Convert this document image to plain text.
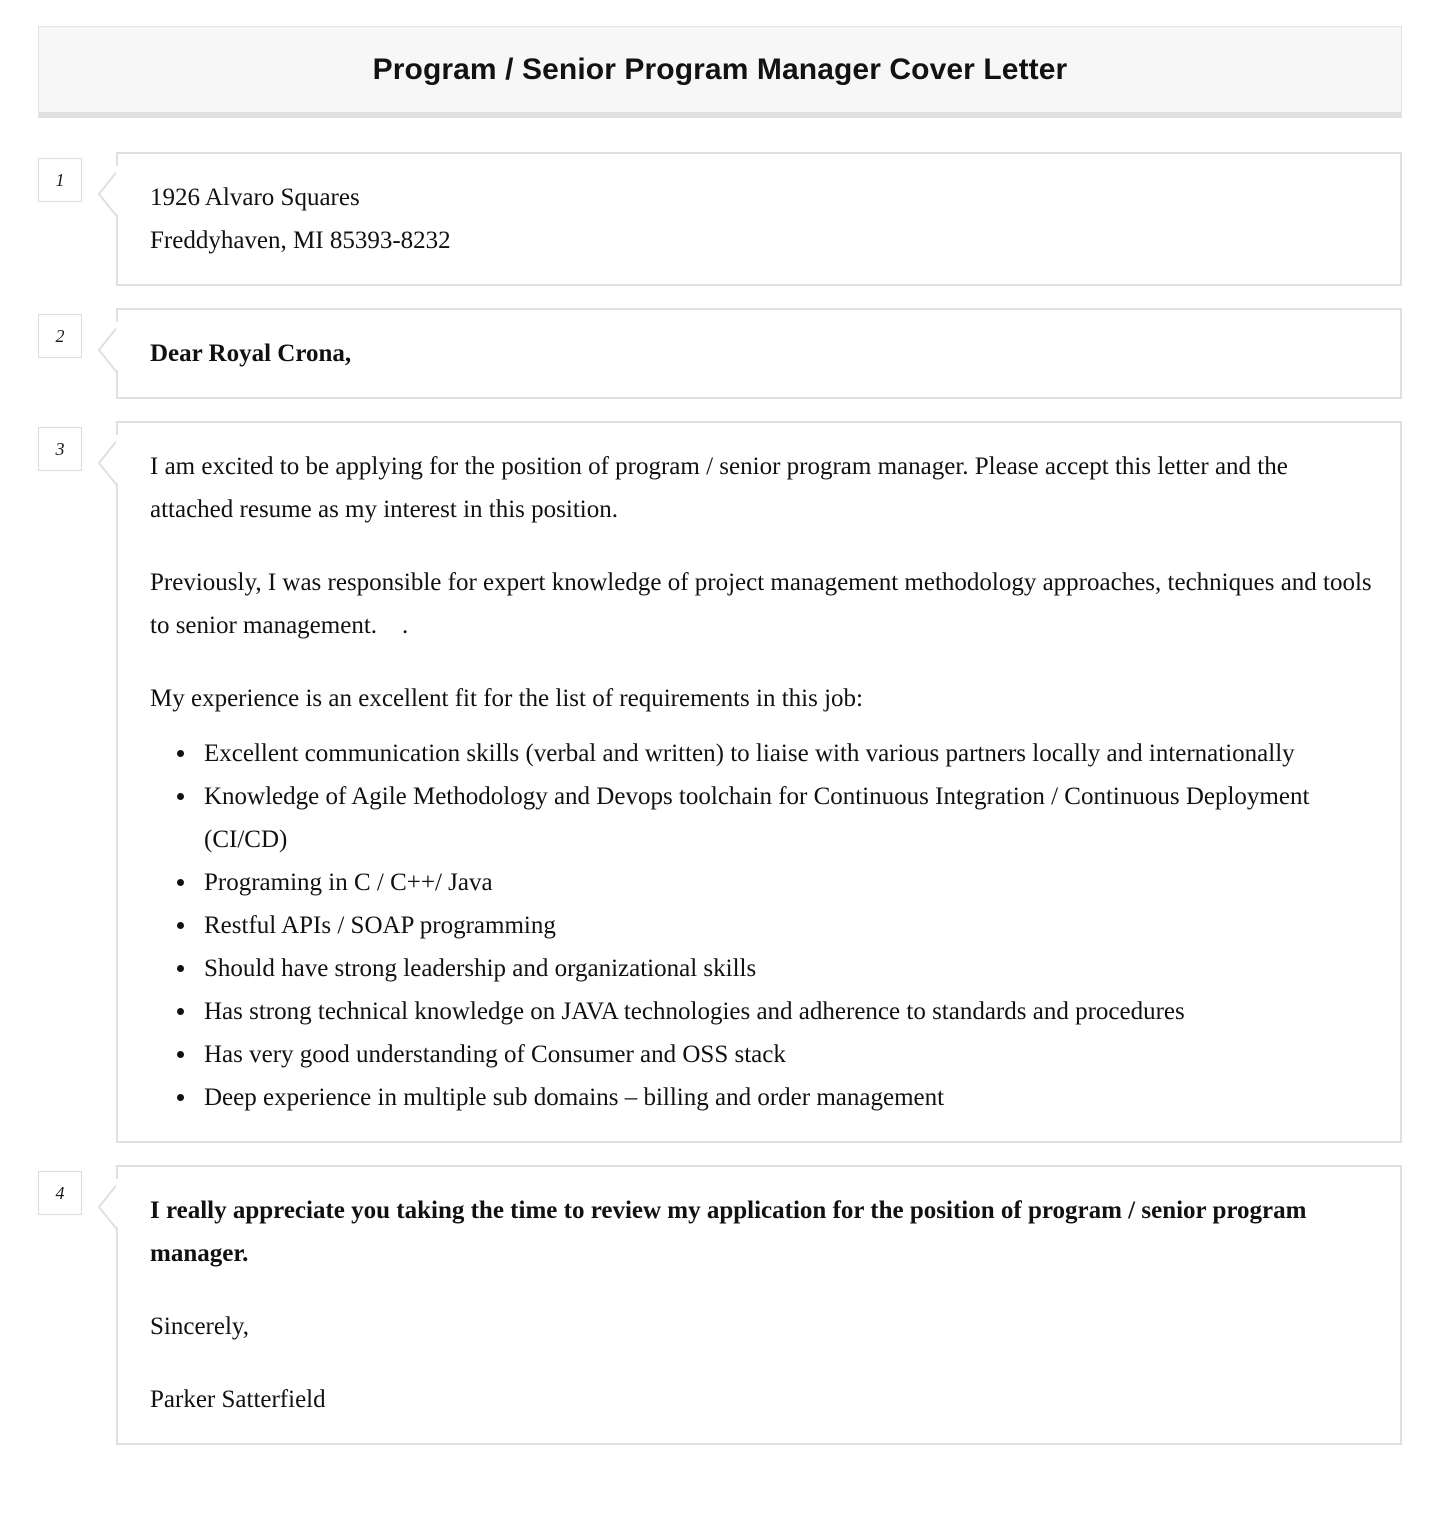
Program / Senior Program Manager Cover Letter
1
1926 Alvaro Squares
Freddyhaven, MI 85393-8232
2
Dear Royal Crona,
3

I am excited to be applying for the position of program / senior program manager. Please accept this letter and the attached resume as my interest in this position.

Previously, I was responsible for expert knowledge of project management methodology approaches, techniques and tools to senior management.    .

My experience is an excellent fit for the list of requirements in this job:

• Excellent communication skills (verbal and written) to liaise with various partners locally and internationally
• Knowledge of Agile Methodology and Devops toolchain for Continuous Integration / Continuous Deployment (CI/CD)
• Programing in C / C++/ Java
• Restful APIs / SOAP programming
• Should have strong leadership and organizational skills
• Has strong technical knowledge on JAVA technologies and adherence to standards and procedures
• Has very good understanding of Consumer and OSS stack
• Deep experience in multiple sub domains – billing and order management
4

I really appreciate you taking the time to review my application for the position of program / senior program manager.

Sincerely,

Parker Satterfield
